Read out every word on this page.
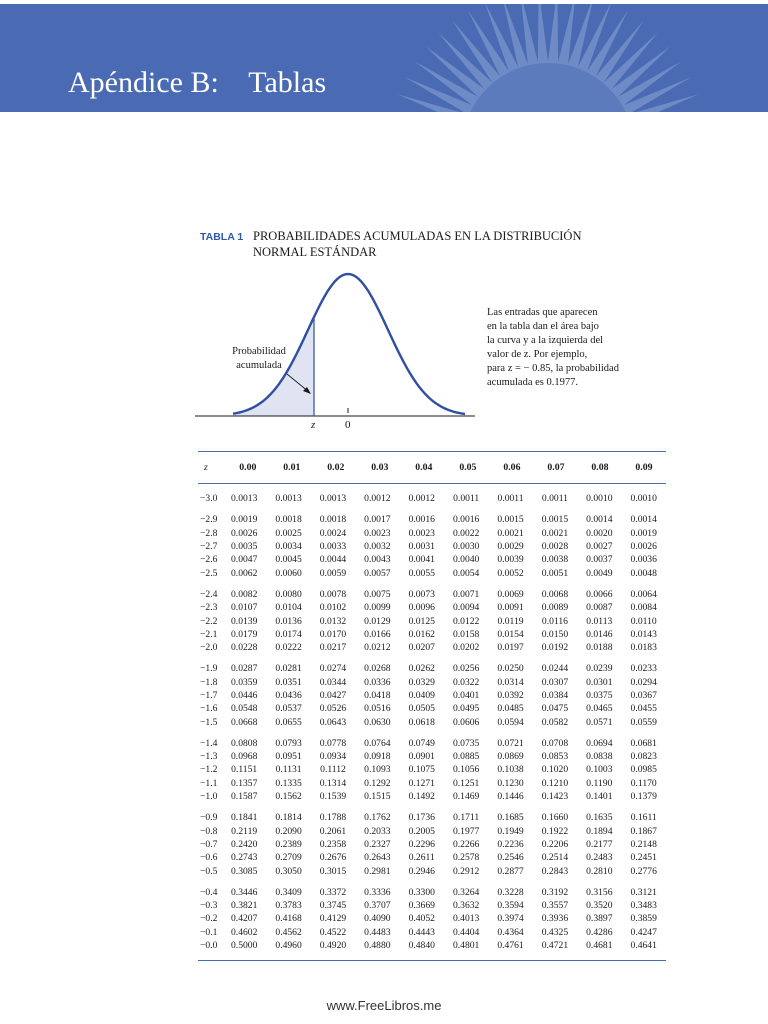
Apéndice B:    Tablas
TABLA 1 PROBABILIDADES ACUMULADAS EN LA DISTRIBUCIÓN
NORMAL ESTÁNDAR
Probabilidad
acumulada
Las entradas que aparecen
en la tabla dan el área bajo
la curva y a la izquierda del
valor de z. Por ejemplo,
para z = − 0.85, la probabilidad
acumulada es 0.1977.
z	0
z	0.00	0.01	0.02	0.03	0.04	0.05	0.06	0.07	0.08	0.09
−3.0	0.0013	0.0013	0.0013	0.0012	0.0012	0.0011	0.0011	0.0011	0.0010	0.0010
−2.9	0.0019	0.0018	0.0018	0.0017	0.0016	0.0016	0.0015	0.0015	0.0014	0.0014
−2.8	0.0026	0.0025	0.0024	0.0023	0.0023	0.0022	0.0021	0.0021	0.0020	0.0019
−2.7	0.0035	0.0034	0.0033	0.0032	0.0031	0.0030	0.0029	0.0028	0.0027	0.0026
−2.6	0.0047	0.0045	0.0044	0.0043	0.0041	0.0040	0.0039	0.0038	0.0037	0.0036
−2.5	0.0062	0.0060	0.0059	0.0057	0.0055	0.0054	0.0052	0.0051	0.0049	0.0048
−2.4	0.0082	0.0080	0.0078	0.0075	0.0073	0.0071	0.0069	0.0068	0.0066	0.0064
−2.3	0.0107	0.0104	0.0102	0.0099	0.0096	0.0094	0.0091	0.0089	0.0087	0.0084
−2.2	0.0139	0.0136	0.0132	0.0129	0.0125	0.0122	0.0119	0.0116	0.0113	0.0110
−2.1	0.0179	0.0174	0.0170	0.0166	0.0162	0.0158	0.0154	0.0150	0.0146	0.0143
−2.0	0.0228	0.0222	0.0217	0.0212	0.0207	0.0202	0.0197	0.0192	0.0188	0.0183
−1.9	0.0287	0.0281	0.0274	0.0268	0.0262	0.0256	0.0250	0.0244	0.0239	0.0233
−1.8	0.0359	0.0351	0.0344	0.0336	0.0329	0.0322	0.0314	0.0307	0.0301	0.0294
−1.7	0.0446	0.0436	0.0427	0.0418	0.0409	0.0401	0.0392	0.0384	0.0375	0.0367
−1.6	0.0548	0.0537	0.0526	0.0516	0.0505	0.0495	0.0485	0.0475	0.0465	0.0455
−1.5	0.0668	0.0655	0.0643	0.0630	0.0618	0.0606	0.0594	0.0582	0.0571	0.0559
−1.4	0.0808	0.0793	0.0778	0.0764	0.0749	0.0735	0.0721	0.0708	0.0694	0.0681
−1.3	0.0968	0.0951	0.0934	0.0918	0.0901	0.0885	0.0869	0.0853	0.0838	0.0823
−1.2	0.1151	0.1131	0.1112	0.1093	0.1075	0.1056	0.1038	0.1020	0.1003	0.0985
−1.1	0.1357	0.1335	0.1314	0.1292	0.1271	0.1251	0.1230	0.1210	0.1190	0.1170
−1.0	0.1587	0.1562	0.1539	0.1515	0.1492	0.1469	0.1446	0.1423	0.1401	0.1379
−0.9	0.1841	0.1814	0.1788	0.1762	0.1736	0.1711	0.1685	0.1660	0.1635	0.1611
−0.8	0.2119	0.2090	0.2061	0.2033	0.2005	0.1977	0.1949	0.1922	0.1894	0.1867
−0.7	0.2420	0.2389	0.2358	0.2327	0.2296	0.2266	0.2236	0.2206	0.2177	0.2148
−0.6	0.2743	0.2709	0.2676	0.2643	0.2611	0.2578	0.2546	0.2514	0.2483	0.2451
−0.5	0.3085	0.3050	0.3015	0.2981	0.2946	0.2912	0.2877	0.2843	0.2810	0.2776
−0.4	0.3446	0.3409	0.3372	0.3336	0.3300	0.3264	0.3228	0.3192	0.3156	0.3121
−0.3	0.3821	0.3783	0.3745	0.3707	0.3669	0.3632	0.3594	0.3557	0.3520	0.3483
−0.2	0.4207	0.4168	0.4129	0.4090	0.4052	0.4013	0.3974	0.3936	0.3897	0.3859
−0.1	0.4602	0.4562	0.4522	0.4483	0.4443	0.4404	0.4364	0.4325	0.4286	0.4247
−0.0	0.5000	0.4960	0.4920	0.4880	0.4840	0.4801	0.4761	0.4721	0.4681	0.4641
www.FreeLibros.me
